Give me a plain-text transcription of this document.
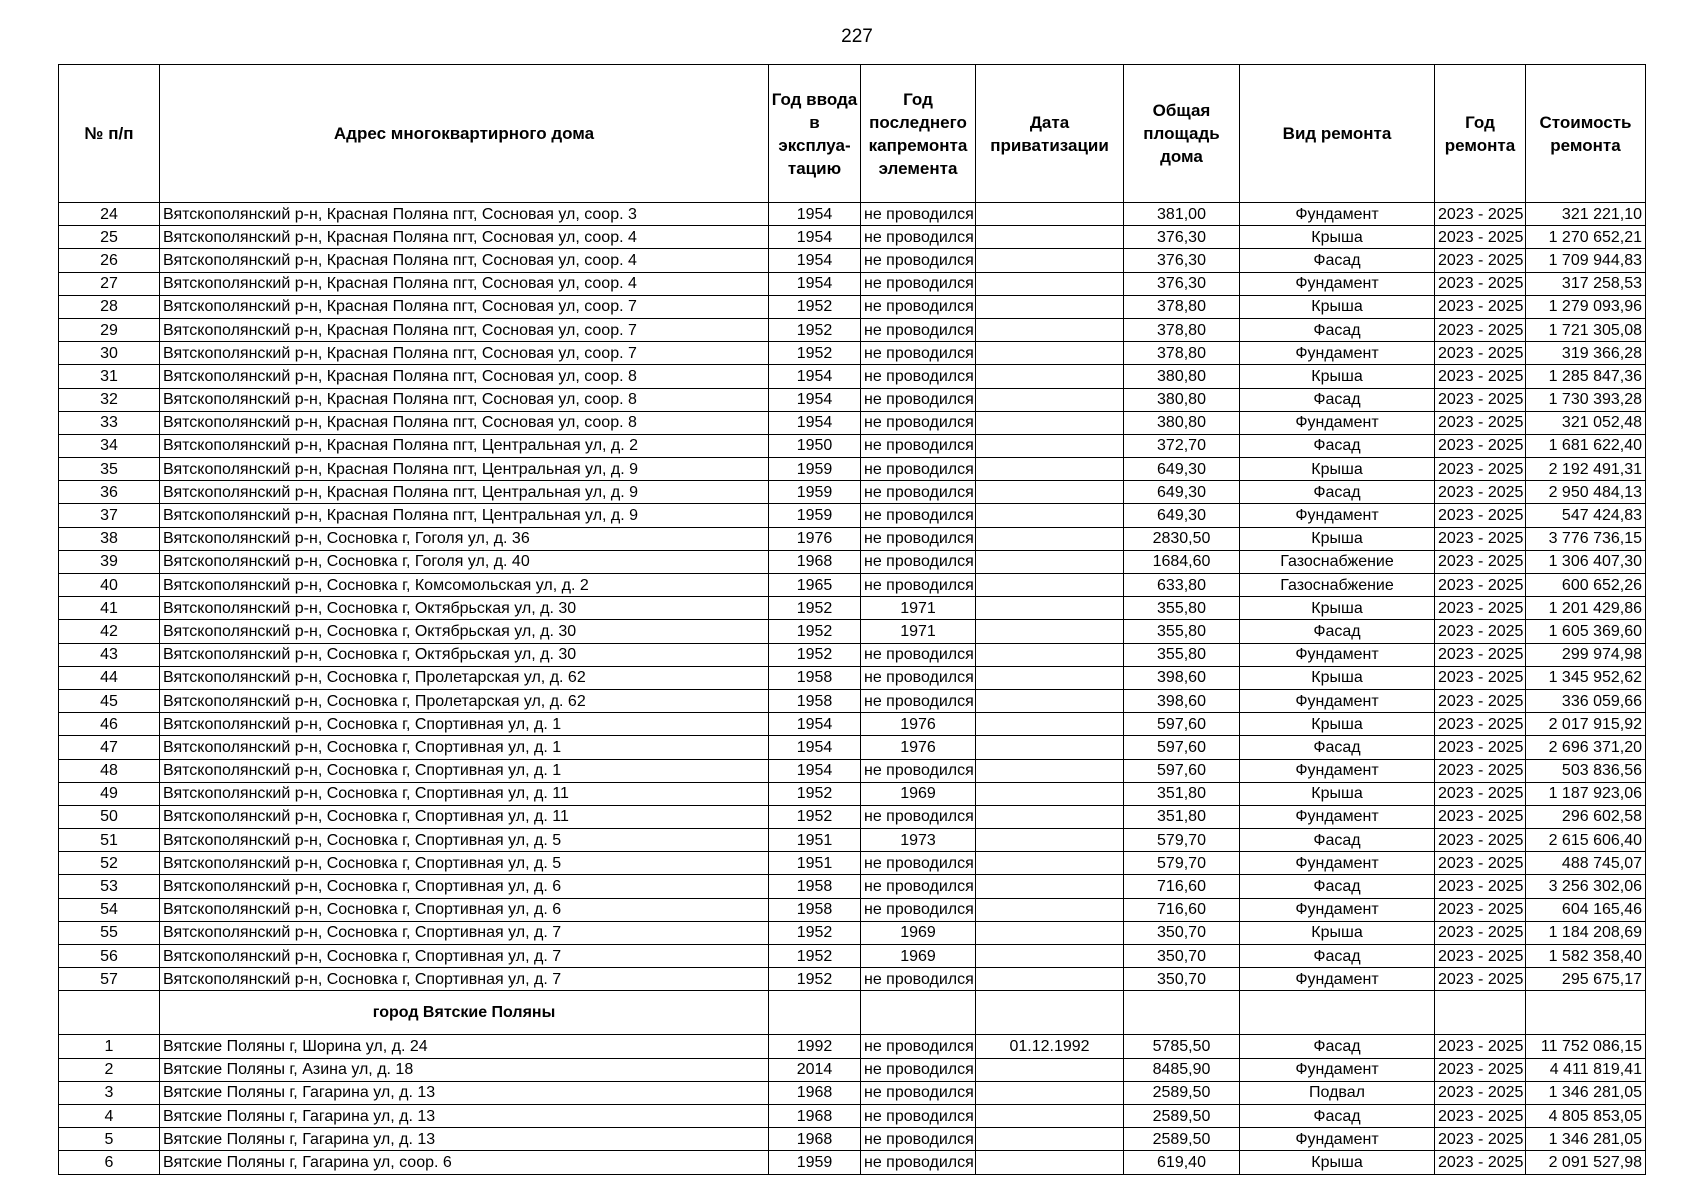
227
№ п/п	Адрес многоквартирного дома	Год ввода в эксплуа-тацию	Год последнего капремонта элемента	Дата приватизации	Общая площадь дома	Вид ремонта	Год ремонта	Стоимость ремонта
24	Вятскополянский р-н, Красная Поляна пгт, Сосновая ул, соор. 3	1954	не проводился		381,00	Фундамент	2023 - 2025	321 221,10
25	Вятскополянский р-н, Красная Поляна пгт, Сосновая ул, соор. 4	1954	не проводился		376,30	Крыша	2023 - 2025	1 270 652,21
26	Вятскополянский р-н, Красная Поляна пгт, Сосновая ул, соор. 4	1954	не проводился		376,30	Фасад	2023 - 2025	1 709 944,83
27	Вятскополянский р-н, Красная Поляна пгт, Сосновая ул, соор. 4	1954	не проводился		376,30	Фундамент	2023 - 2025	317 258,53
28	Вятскополянский р-н, Красная Поляна пгт, Сосновая ул, соор. 7	1952	не проводился		378,80	Крыша	2023 - 2025	1 279 093,96
29	Вятскополянский р-н, Красная Поляна пгт, Сосновая ул, соор. 7	1952	не проводился		378,80	Фасад	2023 - 2025	1 721 305,08
30	Вятскополянский р-н, Красная Поляна пгт, Сосновая ул, соор. 7	1952	не проводился		378,80	Фундамент	2023 - 2025	319 366,28
31	Вятскополянский р-н, Красная Поляна пгт, Сосновая ул, соор. 8	1954	не проводился		380,80	Крыша	2023 - 2025	1 285 847,36
32	Вятскополянский р-н, Красная Поляна пгт, Сосновая ул, соор. 8	1954	не проводился		380,80	Фасад	2023 - 2025	1 730 393,28
33	Вятскополянский р-н, Красная Поляна пгт, Сосновая ул, соор. 8	1954	не проводился		380,80	Фундамент	2023 - 2025	321 052,48
34	Вятскополянский р-н, Красная Поляна пгт, Центральная ул, д. 2	1950	не проводился		372,70	Фасад	2023 - 2025	1 681 622,40
35	Вятскополянский р-н, Красная Поляна пгт, Центральная ул, д. 9	1959	не проводился		649,30	Крыша	2023 - 2025	2 192 491,31
36	Вятскополянский р-н, Красная Поляна пгт, Центральная ул, д. 9	1959	не проводился		649,30	Фасад	2023 - 2025	2 950 484,13
37	Вятскополянский р-н, Красная Поляна пгт, Центральная ул, д. 9	1959	не проводился		649,30	Фундамент	2023 - 2025	547 424,83
38	Вятскополянский р-н, Сосновка г, Гоголя ул, д. 36	1976	не проводился		2830,50	Крыша	2023 - 2025	3 776 736,15
39	Вятскополянский р-н, Сосновка г, Гоголя ул, д. 40	1968	не проводился		1684,60	Газоснабжение	2023 - 2025	1 306 407,30
40	Вятскополянский р-н, Сосновка г, Комсомольская ул, д. 2	1965	не проводился		633,80	Газоснабжение	2023 - 2025	600 652,26
41	Вятскополянский р-н, Сосновка г, Октябрьская ул, д. 30	1952	1971		355,80	Крыша	2023 - 2025	1 201 429,86
42	Вятскополянский р-н, Сосновка г, Октябрьская ул, д. 30	1952	1971		355,80	Фасад	2023 - 2025	1 605 369,60
43	Вятскополянский р-н, Сосновка г, Октябрьская ул, д. 30	1952	не проводился		355,80	Фундамент	2023 - 2025	299 974,98
44	Вятскополянский р-н, Сосновка г, Пролетарская ул, д. 62	1958	не проводился		398,60	Крыша	2023 - 2025	1 345 952,62
45	Вятскополянский р-н, Сосновка г, Пролетарская ул, д. 62	1958	не проводился		398,60	Фундамент	2023 - 2025	336 059,66
46	Вятскополянский р-н, Сосновка г, Спортивная ул, д. 1	1954	1976		597,60	Крыша	2023 - 2025	2 017 915,92
47	Вятскополянский р-н, Сосновка г, Спортивная ул, д. 1	1954	1976		597,60	Фасад	2023 - 2025	2 696 371,20
48	Вятскополянский р-н, Сосновка г, Спортивная ул, д. 1	1954	не проводился		597,60	Фундамент	2023 - 2025	503 836,56
49	Вятскополянский р-н, Сосновка г, Спортивная ул, д. 11	1952	1969		351,80	Крыша	2023 - 2025	1 187 923,06
50	Вятскополянский р-н, Сосновка г, Спортивная ул, д. 11	1952	не проводился		351,80	Фундамент	2023 - 2025	296 602,58
51	Вятскополянский р-н, Сосновка г, Спортивная ул, д. 5	1951	1973		579,70	Фасад	2023 - 2025	2 615 606,40
52	Вятскополянский р-н, Сосновка г, Спортивная ул, д. 5	1951	не проводился		579,70	Фундамент	2023 - 2025	488 745,07
53	Вятскополянский р-н, Сосновка г, Спортивная ул, д. 6	1958	не проводился		716,60	Фасад	2023 - 2025	3 256 302,06
54	Вятскополянский р-н, Сосновка г, Спортивная ул, д. 6	1958	не проводился		716,60	Фундамент	2023 - 2025	604 165,46
55	Вятскополянский р-н, Сосновка г, Спортивная ул, д. 7	1952	1969		350,70	Крыша	2023 - 2025	1 184 208,69
56	Вятскополянский р-н, Сосновка г, Спортивная ул, д. 7	1952	1969		350,70	Фасад	2023 - 2025	1 582 358,40
57	Вятскополянский р-н, Сосновка г, Спортивная ул, д. 7	1952	не проводился		350,70	Фундамент	2023 - 2025	295 675,17
	город Вятские Поляны							
1	Вятские Поляны г, Шорина ул, д. 24	1992	не проводился	01.12.1992	5785,50	Фасад	2023 - 2025	11 752 086,15
2	Вятские Поляны г, Азина ул, д. 18	2014	не проводился		8485,90	Фундамент	2023 - 2025	4 411 819,41
3	Вятские Поляны г, Гагарина ул, д. 13	1968	не проводился		2589,50	Подвал	2023 - 2025	1 346 281,05
4	Вятские Поляны г, Гагарина ул, д. 13	1968	не проводился		2589,50	Фасад	2023 - 2025	4 805 853,05
5	Вятские Поляны г, Гагарина ул, д. 13	1968	не проводился		2589,50	Фундамент	2023 - 2025	1 346 281,05
6	Вятские Поляны г, Гагарина ул, соор. 6	1959	не проводился		619,40	Крыша	2023 - 2025	2 091 527,98
